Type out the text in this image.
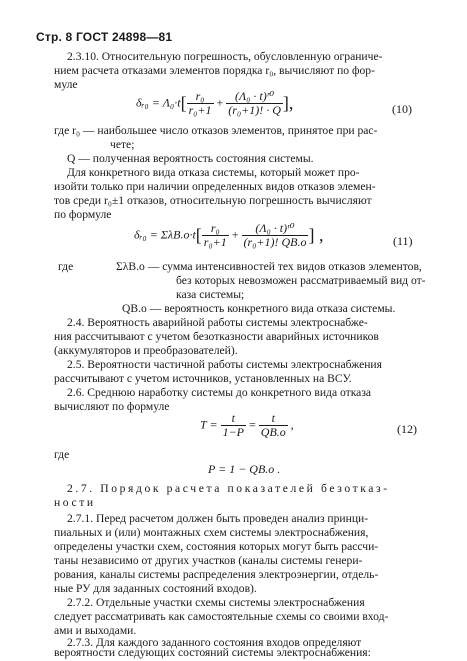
Стр. 8 ГОСТ 24898—81
2.3.10. Относительную погрешность, обусловленную ограниче-
нием расчета отказами элементов порядка r₀, вычисляют по фор-
муле
δᵣ₀ = $\Lambda_0\cdot t[ \frac{\text{r₀}}{\text{r₀+1}} + \frac{\text{(Λ₀ · t)ʳ⁰}}{\text{(r₀+1)! · Q}}$ ],	(10)
где r₀ — наибольшее число отказов элементов, принятое при рас-
чете;
Q — полученная вероятность состояния системы.
Для конкретного вида отказа системы, который может про-
изойти только при наличии определенных видов отказов элемен-
тов среди r₀±1 отказов, относительную погрешность вычисляют
по формуле
δᵣ₀ = $\Sigma\lambda В.о\cdot t[ \frac{\text{r₀}}{\text{r₀+1}} + \frac{\text{(Λ₀ · t)ʳ⁰}}{\text{(r₀+1)! QВ.о}}$ ] ,	(11)
где	ΣλВ.о — сумма интенсивностей тех видов отказов элементов,
без которых невозможен рассматриваемый вид от-
каза системы;
QВ.о — вероятность конкретного вида отказа системы.
2.4. Вероятность аварийной работы системы электроснабже-
ния рассчитывают с учетом безотказности аварийных источников
(аккумуляторов и преобразователей).
2.5. Вероятности частичной работы системы электроснабжения
рассчитывают с учетом источников, установленных на ВСУ.
2.6. Среднюю наработку системы до конкретного вида отказа
вычисляют по формуле
$T = \frac{t}{1-P} = \frac{t}{QВ.о}$ ,	(12)
где
P = 1 − QВ.о .
2.7. Порядок расчета показателей безотказ-
ности
2.7.1. Перед расчетом должен быть проведен анализ принци-
пиальных и (или) монтажных схем системы электроснабжения,
определены участки схем, состояния которых могут быть рассчи-
таны независимо от других участков (каналы системы генери-
рования, каналы системы распределения электроэнергии, отдель-
ные РУ для заданных состояний входов).
2.7.2. Отдельные участки схемы системы электроснабжения
следует рассматривать как самостоятельные схемы со своими вход-
ами и выходами.
2.7.3. Для каждого заданного состояния входов определяют
вероятности следующих состояний системы электроснабжения:
